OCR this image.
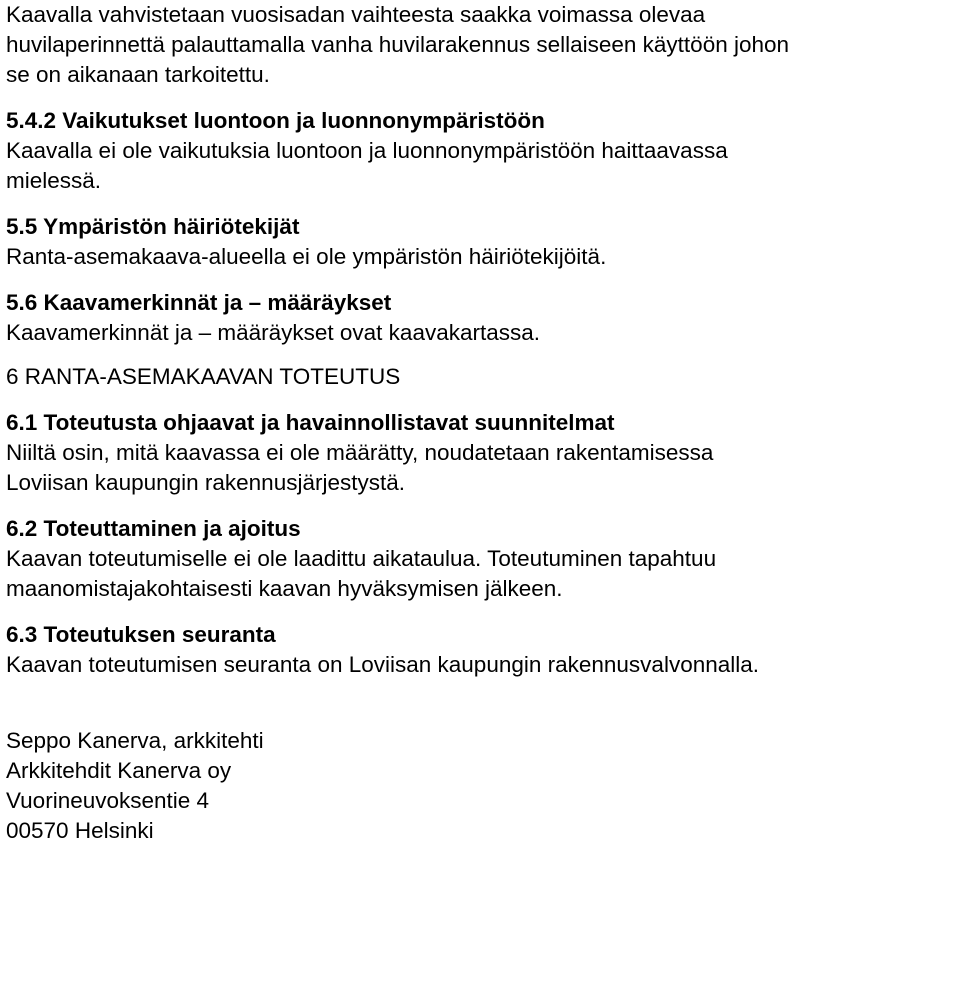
Kaavalla vahvistetaan vuosisadan vaihteesta saakka voimassa olevaa
huvilaperinnettä palauttamalla vanha huvilarakennus sellaiseen käyttöön johon
se on aikanaan tarkoitettu.
5.4.2 Vaikutukset luontoon ja luonnonympäristöön
Kaavalla ei ole vaikutuksia luontoon ja luonnonympäristöön haittaavassa
mielessä.
5.5 Ympäristön häiriötekijät
Ranta-asemakaava-alueella ei ole ympäristön häiriötekijöitä.
5.6 Kaavamerkinnät ja – määräykset
Kaavamerkinnät ja – määräykset ovat kaavakartassa.
6 RANTA-ASEMAKAAVAN TOTEUTUS
6.1 Toteutusta ohjaavat ja havainnollistavat suunnitelmat
Niiltä osin, mitä kaavassa ei ole määrätty, noudatetaan rakentamisessa
Loviisan kaupungin rakennusjärjestystä.
6.2 Toteuttaminen ja ajoitus
Kaavan toteutumiselle ei ole laadittu aikataulua. Toteutuminen tapahtuu
maanomistajakohtaisesti kaavan hyväksymisen jälkeen.
6.3 Toteutuksen seuranta
Kaavan toteutumisen seuranta on Loviisan kaupungin rakennusvalvonnalla.
Seppo Kanerva, arkkitehti
Arkkitehdit Kanerva oy
Vuorineuvoksentie 4
00570 Helsinki
